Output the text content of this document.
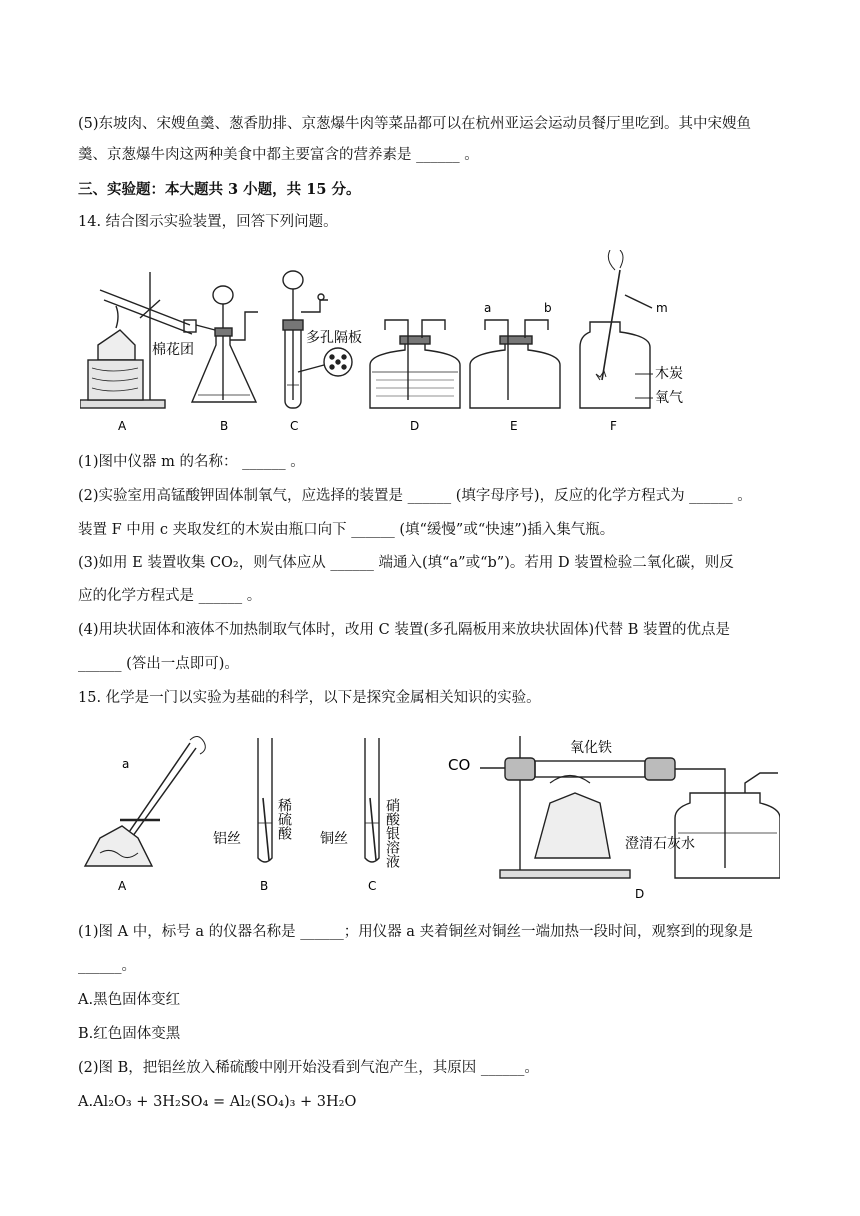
(5)东坡肉、宋嫂鱼羹、葱香肋排、京葱爆牛肉等菜品都可以在杭州亚运会运动员餐厅里吃到。其中宋嫂鱼
羹、京葱爆牛肉这两种美食中都主要富含的营养素是 ______ 。
三、实验题：本大题共 3 小题，共 15 分。
14. 结合图示实验装置，回答下列问题。
棉花团
多孔隔板
a	b	m
木炭
氧气
A	B	C	D	E	F
(1)图中仪器 m 的名称： ______ 。
(2)实验室用高锰酸钾固体制氧气，应选择的装置是 ______ (填字母序号)，反应的化学方程式为 ______ 。
装置 F 中用 c 夹取发红的木炭由瓶口向下 ______ (填“缓慢”或“快速”)插入集气瓶。
(3)如用 E 装置收集 CO₂，则气体应从 ______ 端通入(填“a”或“b”)。若用 D 装置检验二氧化碳，则反
应的化学方程式是 ______ 。
(4)用块状固体和液体不加热制取气体时，改用 C 装置(多孔隔板用来放块状固体)代替 B 装置的优点是
______ (答出一点即可)。
15. 化学是一门以实验为基础的科学，以下是探究金属相关知识的实验。
a
铝丝	稀硫酸 铜丝	硝酸银溶液
CO
氧化铁
澄清石灰水
A	B	C
D
(1)图 A 中，标号 a 的仪器名称是 ______；用仪器 a 夹着铜丝对铜丝一端加热一段时间，观察到的现象是
______。
A.黑色固体变红
B.红色固体变黑
(2)图 B，把铝丝放入稀硫酸中刚开始没看到气泡产生，其原因 ______。
A.Al₂O₃ + 3H₂SO₄ = Al₂(SO₄)₃ + 3H₂O
